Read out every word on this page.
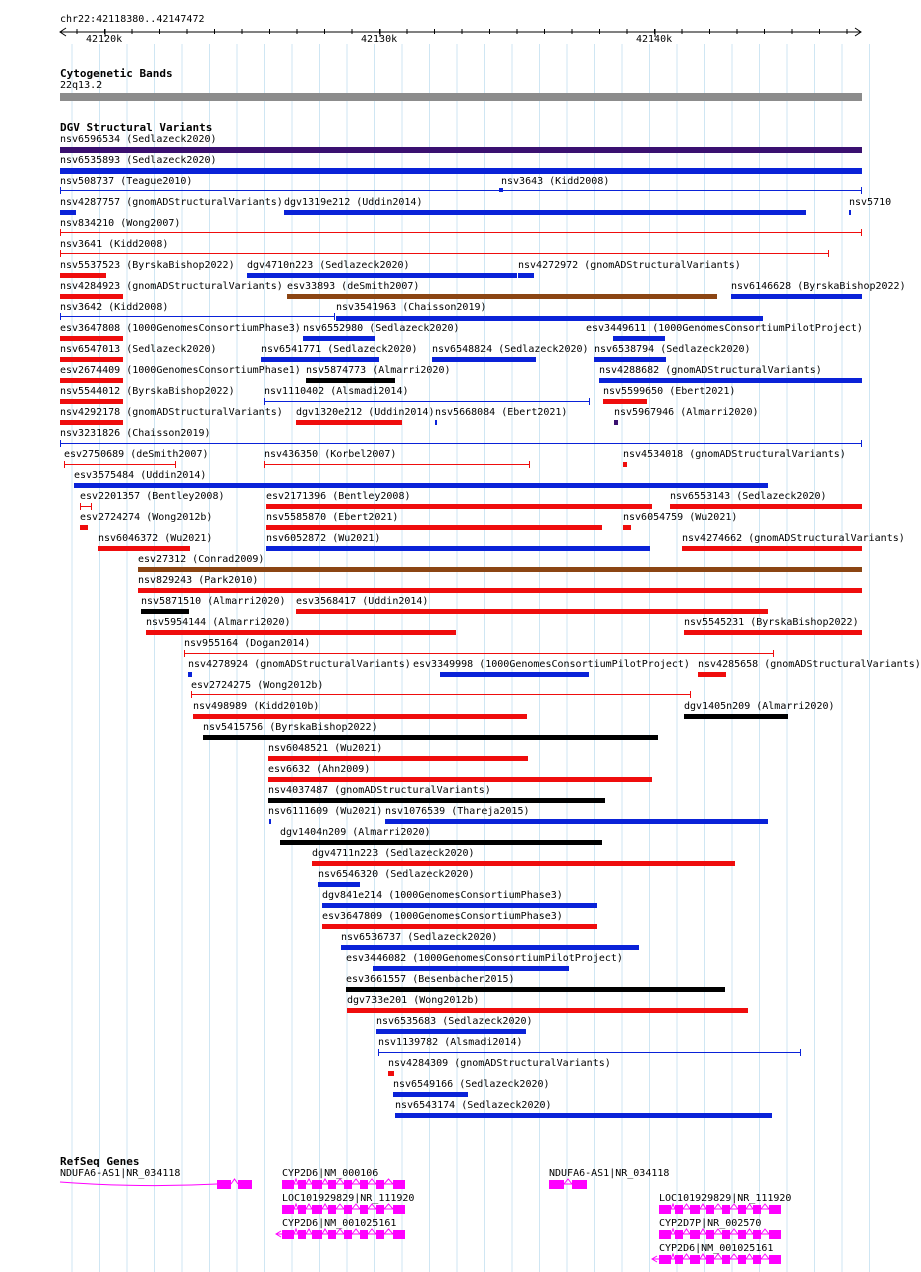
chr22:42118380..42147472
42120k	42130k	42140k
Cytogenetic Bands
22q13.2
DGV Structural Variants
nsv6596534 (Sedlazeck2020)
nsv6535893 (Sedlazeck2020)
nsv508737 (Teague2010)	nsv3643 (Kidd2008)
nsv4287757 (gnomADStructuralVariants) dgv1319e212 (Uddin2014)	nsv5710
nsv834210 (Wong2007)
nsv3641 (Kidd2008)
nsv5537523 (ByrskaBishop2022) dgv4710n223 (Sedlazeck2020)	nsv4272972 (gnomADStructuralVariants)
nsv4284923 (gnomADStructuralVariants) esv33893 (deSmith2007)	nsv6146628 (ByrskaBishop2022)
nsv3642 (Kidd2008)	nsv3541963 (Chaisson2019)
esv3647808 (1000GenomesConsortiumPhase3) nsv6552980 (Sedlazeck2020)	esv3449611 (1000GenomesConsortiumPilotProject)
nsv6547013 (Sedlazeck2020)	nsv6541771 (Sedlazeck2020) nsv6548824 (Sedlazeck2020) nsv6538794 (Sedlazeck2020)
esv2674409 (1000GenomesConsortiumPhase1) nsv5874773 (Almarri2020)	nsv4288682 (gnomADStructuralVariants)
nsv5544012 (ByrskaBishop2022)	nsv1110402 (Alsmadi2014)	nsv5599650 (Ebert2021)
nsv4292178 (gnomADStructuralVariants) dgv1320e212 (Uddin2014) nsv5668084 (Ebert2021)	nsv5967946 (Almarri2020)
nsv3231826 (Chaisson2019)
esv2750689 (deSmith2007)	nsv436350 (Korbel2007)	nsv4534018 (gnomADStructuralVariants)
esv3575484 (Uddin2014)
esv2201357 (Bentley2008)	esv2171396 (Bentley2008)	nsv6553143 (Sedlazeck2020)
esv2724274 (Wong2012b)	nsv5585870 (Ebert2021)	nsv6054759 (Wu2021)
nsv6046372 (Wu2021)	nsv6052872 (Wu2021)	nsv4274662 (gnomADStructuralVariants)
esv27312 (Conrad2009)
nsv829243 (Park2010)
nsv5871510 (Almarri2020) esv3568417 (Uddin2014)
nsv5954144 (Almarri2020)	nsv5545231 (ByrskaBishop2022)
nsv955164 (Dogan2014)
nsv4278924 (gnomADStructuralVariants) esv3349998 (1000GenomesConsortiumPilotProject) nsv4285658 (gnomADStructuralVariants)
esv2724275 (Wong2012b)
nsv498989 (Kidd2010b)	dgv1405n209 (Almarri2020)
nsv5415756 (ByrskaBishop2022)
nsv6048521 (Wu2021)
esv6632 (Ahn2009)
nsv4037487 (gnomADStructuralVariants)
nsv6111609 (Wu2021) nsv1076539 (Thareja2015)
dgv1404n209 (Almarri2020)
dgv4711n223 (Sedlazeck2020)
nsv6546320 (Sedlazeck2020)
dgv841e214 (1000GenomesConsortiumPhase3)
esv3647809 (1000GenomesConsortiumPhase3)
nsv6536737 (Sedlazeck2020)
esv3446082 (1000GenomesConsortiumPilotProject)
esv3661557 (Besenbacher2015)
dgv733e201 (Wong2012b)
nsv6535683 (Sedlazeck2020)
nsv1139782 (Alsmadi2014)
nsv4284309 (gnomADStructuralVariants)
nsv6549166 (Sedlazeck2020)
nsv6543174 (Sedlazeck2020)
RefSeq Genes
NDUFA6-AS1|NR_034118	CYP2D6|NM_000106	NDUFA6-AS1|NR_034118
LOC101929829|NR_111920	LOC101929829|NR_111920
CYP2D6|NM_001025161	CYP2D7P|NR_002570
CYP2D6|NM_001025161
